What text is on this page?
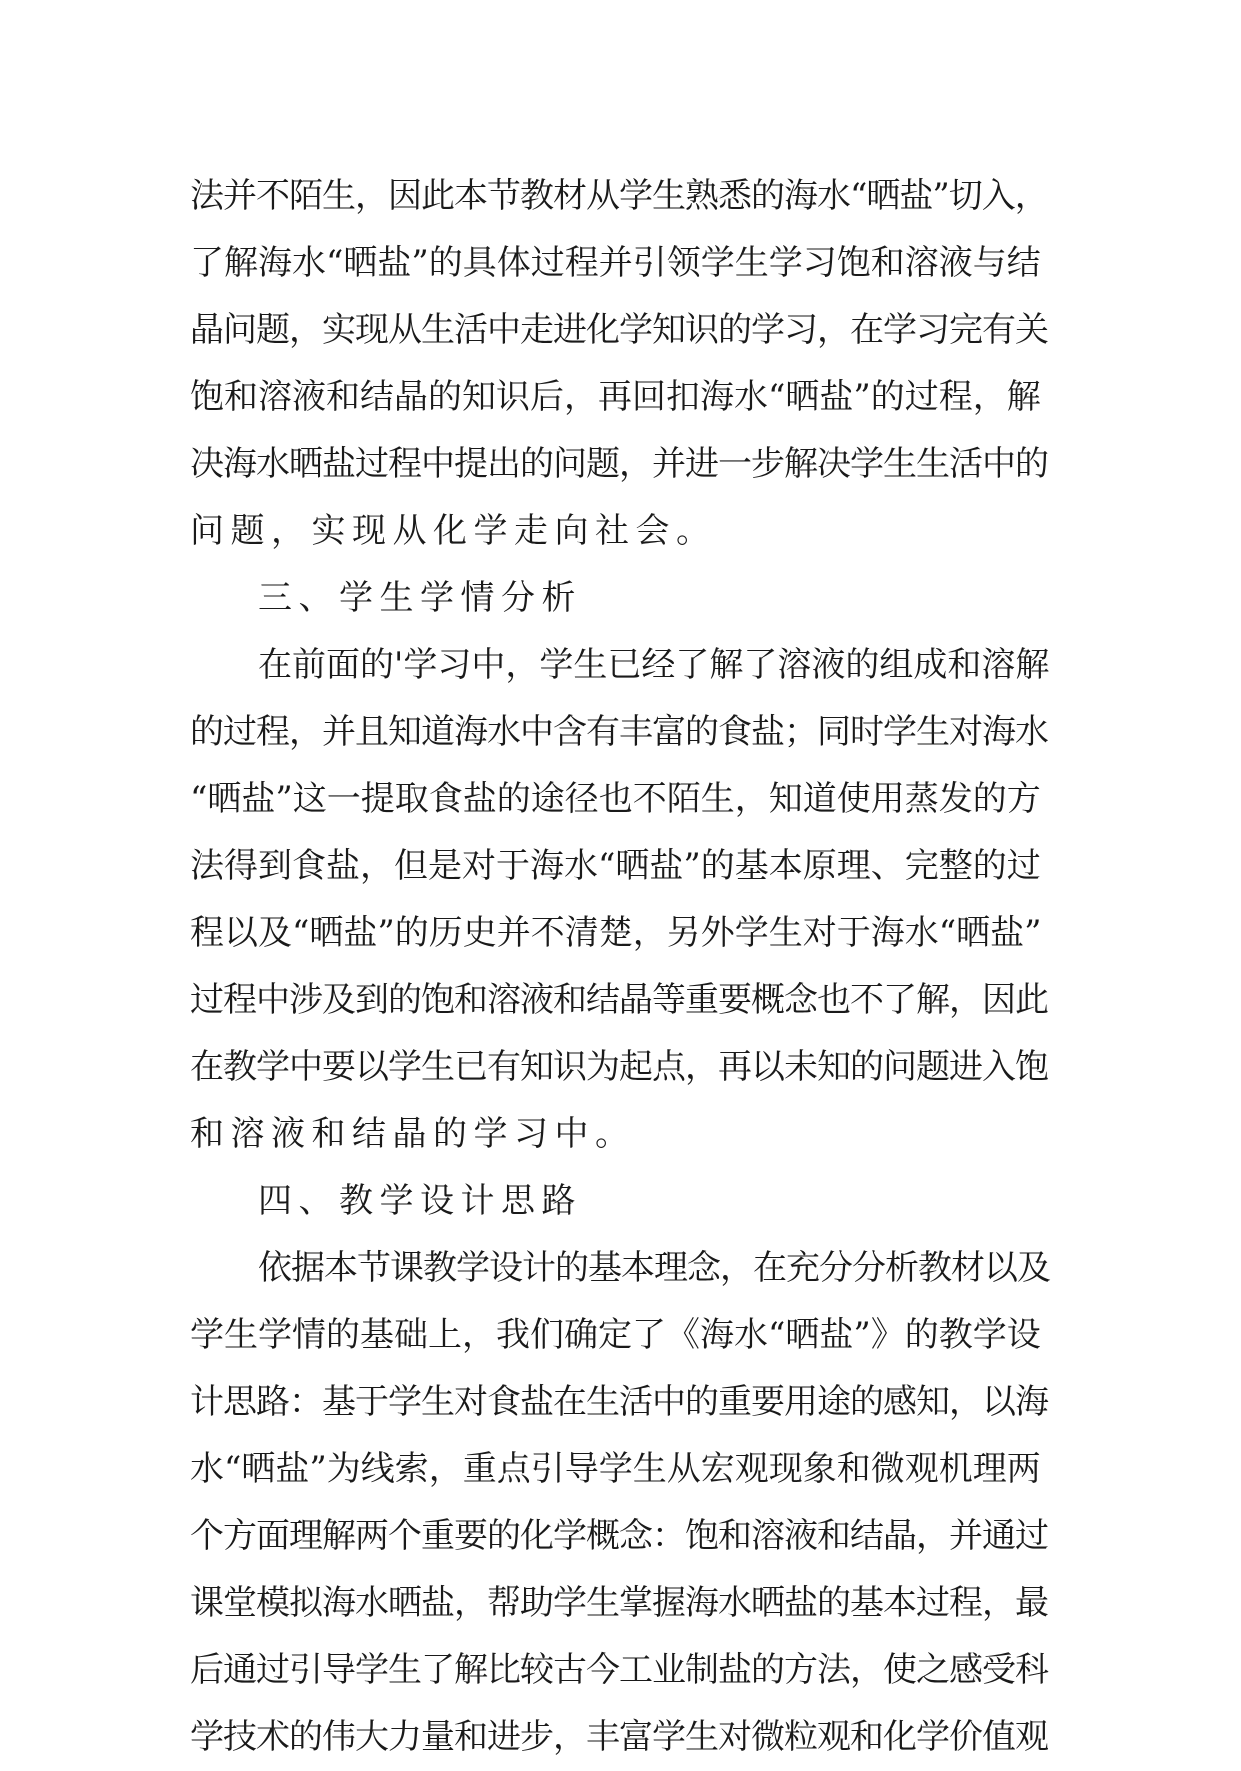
法并不陌生，因此本节教材从学生熟悉的海水“晒盐”切入，

了解海水“晒盐”的具体过程并引领学生学习饱和溶液与结

晶问题，实现从生活中走进化学知识的学习，在学习完有关

饱和溶液和结晶的知识后，再回扣海水“晒盐”的过程，解

决海水晒盐过程中提出的问题，并进一步解决学生生活中的

问题，实现从化学走向社会。

三、学生学情分析

在前面的'学习中，学生已经了解了溶液的组成和溶解

的过程，并且知道海水中含有丰富的食盐；同时学生对海水

“晒盐”这一提取食盐的途径也不陌生，知道使用蒸发的方

法得到食盐，但是对于海水“晒盐”的基本原理、完整的过

程以及“晒盐”的历史并不清楚，另外学生对于海水“晒盐”

过程中涉及到的饱和溶液和结晶等重要概念也不了解，因此

在教学中要以学生已有知识为起点，再以未知的问题进入饱

和溶液和结晶的学习中。

四、教学设计思路

依据本节课教学设计的基本理念，在充分分析教材以及

学生学情的基础上，我们确定了《海水“晒盐”》的教学设

计思路：基于学生对食盐在生活中的重要用途的感知，以海

水“晒盐”为线索，重点引导学生从宏观现象和微观机理两

个方面理解两个重要的化学概念：饱和溶液和结晶，并通过

课堂模拟海水晒盐，帮助学生掌握海水晒盐的基本过程，最

后通过引导学生了解比较古今工业制盐的方法，使之感受科

学技术的伟大力量和进步，丰富学生对微粒观和化学价值观
